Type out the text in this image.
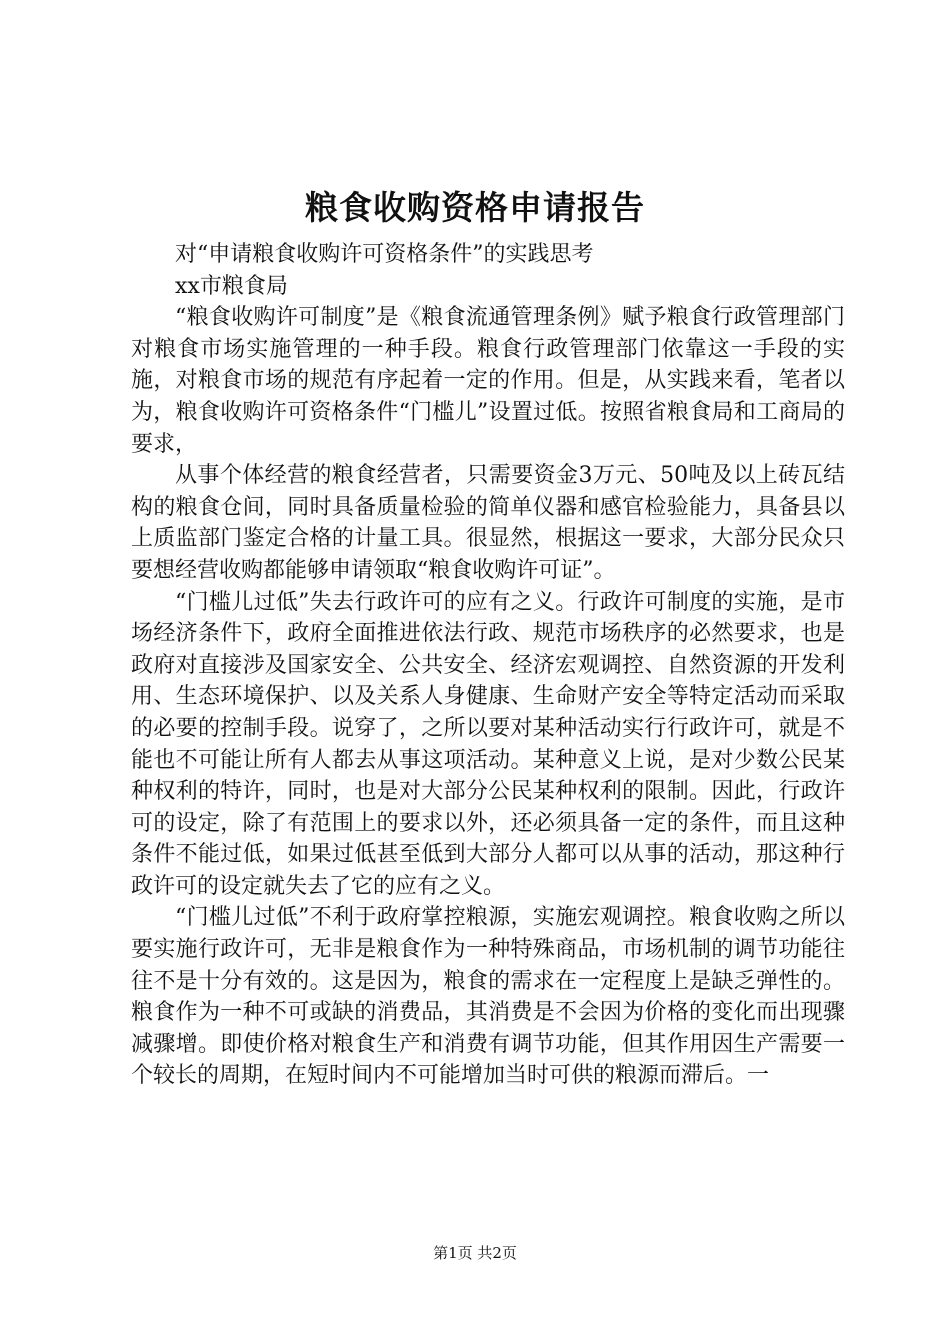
粮食收购资格申请报告

对“申请粮食收购许可资格条件”的实践思考

xx市粮食局

“粮食收购许可制度”是《粮食流通管理条例》赋予粮食行政管理部门对粮食市场实施管理的一种手段。粮食行政管理部门依靠这一手段的实施，对粮食市场的规范有序起着一定的作用。但是，从实践来看，笔者以为，粮食收购许可资格条件“门槛儿”设置过低。按照省粮食局和工商局的要求，

从事个体经营的粮食经营者，只需要资金3万元、50吨及以上砖瓦结构的粮食仓间，同时具备质量检验的简单仪器和感官检验能力，具备县以上质监部门鉴定合格的计量工具。很显然，根据这一要求，大部分民众只要想经营收购都能够申请领取“粮食收购许可证”。

“门槛儿过低”失去行政许可的应有之义。行政许可制度的实施，是市场经济条件下，政府全面推进依法行政、规范市场秩序的必然要求，也是政府对直接涉及国家安全、公共安全、经济宏观调控、自然资源的开发利用、生态环境保护、以及关系人身健康、生命财产安全等特定活动而采取的必要的控制手段。说穿了，之所以要对某种活动实行行政许可，就是不能也不可能让所有人都去从事这项活动。某种意义上说，是对少数公民某种权利的特许，同时，也是对大部分公民某种权利的限制。因此，行政许可的设定，除了有范围上的要求以外，还必须具备一定的条件，而且这种条件不能过低，如果过低甚至低到大部分人都可以从事的活动，那这种行政许可的设定就失去了它的应有之义。

“门槛儿过低”不利于政府掌控粮源，实施宏观调控。粮食收购之所以要实施行政许可，无非是粮食作为一种特殊商品，市场机制的调节功能往往不是十分有效的。这是因为，粮食的需求在一定程度上是缺乏弹性的。粮食作为一种不可或缺的消费品，其消费是不会因为价格的变化而出现骤减骤增。即使价格对粮食生产和消费有调节功能，但其作用因生产需要一个较长的周期，在短时间内不可能增加当时可供的粮源而滞后。一

第1页 共2页
